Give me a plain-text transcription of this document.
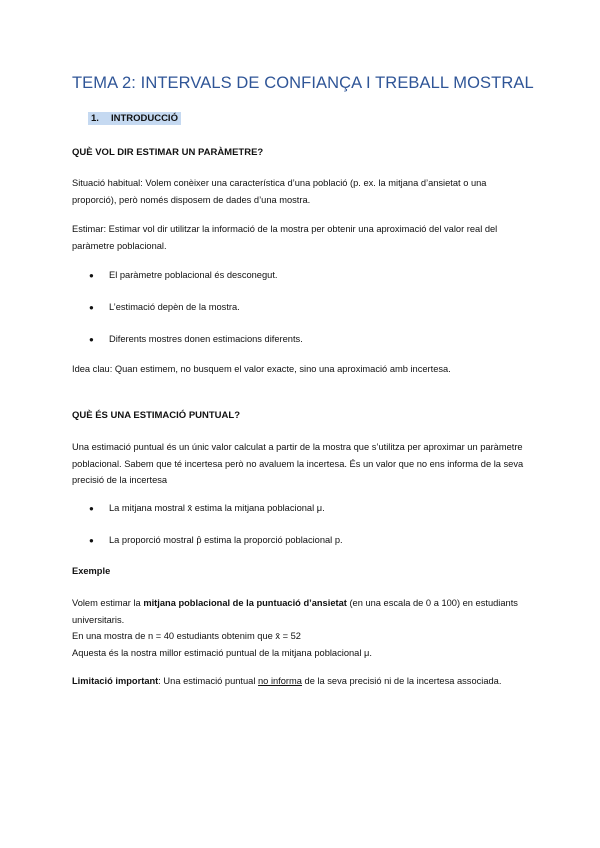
TEMA 2: INTERVALS DE CONFIANÇA I TREBALL MOSTRAL
1. INTRODUCCIÓ
QUÈ VOL DIR ESTIMAR UN PARÀMETRE?
Situació habitual: Volem conèixer una característica d’una població (p. ex. la mitjana d’ansietat o una proporció), però només disposem de dades d’una mostra.
Estimar: Estimar vol dir utilitzar la informació de la mostra per obtenir una aproximació del valor real del paràmetre poblacional.
● El paràmetre poblacional és desconegut.
● L’estimació depèn de la mostra.
● Diferents mostres donen estimacions diferents.
Idea clau: Quan estimem, no busquem el valor exacte, sino una aproximació amb incertesa.
QUÈ ÉS UNA ESTIMACIÓ PUNTUAL?
Una estimació puntual és un únic valor calculat a partir de la mostra que s’utilitza per aproximar un paràmetre poblacional. Sabem que té incertesa però no avaluem la incertesa. És un valor que no ens informa de la seva precisió de la incertesa
● La mitjana mostral x̄ estima la mitjana poblacional μ.
● La proporció mostral p̂ estima la proporció poblacional p.
Exemple
Volem estimar la mitjana poblacional de la puntuació d’ansietat (en una escala de 0 a 100) en estudiants universitaris.
En una mostra de n = 40 estudiants obtenim que x̄ = 52
Aquesta és la nostra millor estimació puntual de la mitjana poblacional μ.
Limitació important: Una estimació puntual no informa de la seva precisió ni de la incertesa associada.
